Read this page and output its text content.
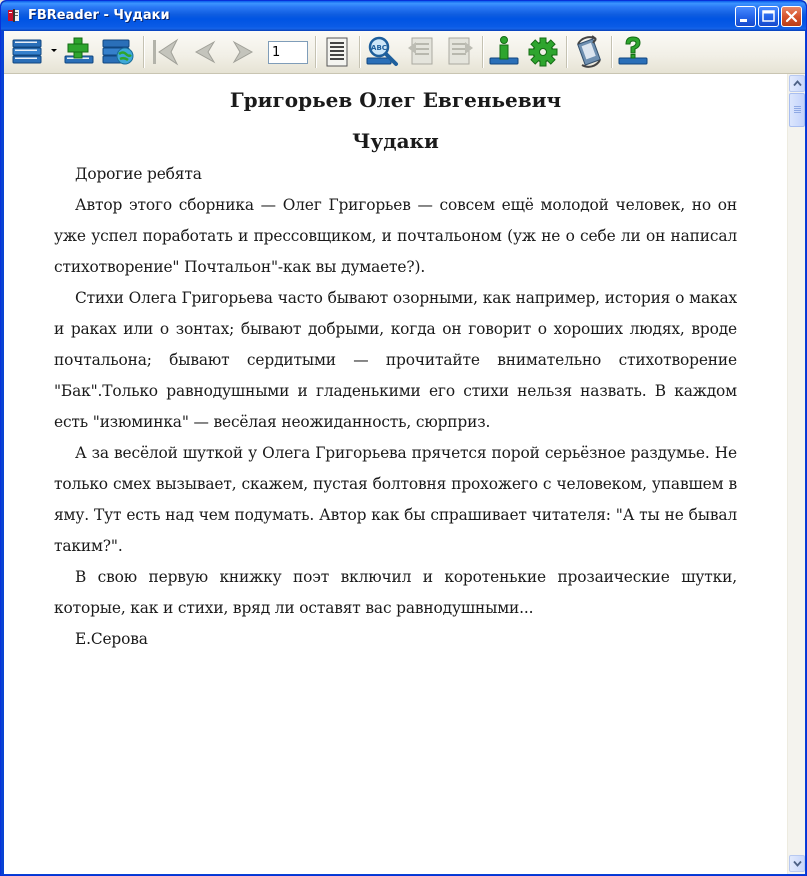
FBReader - Чудаки
1
ABC
Григорьев Олег Евгеньевич
Чудаки

Дорогие ребята

Автор этого сборника — Олег Григорьев — совсем ещё молодой человек, но он уже успел поработать и прессовщиком, и почтальоном (уж не о себе ли он написал стихотворение" Почтальон"-как вы думаете?).

Стихи Олега Григорьева часто бывают озорными, как например, история о маках и раках или о зонтах; бывают добрыми, когда он говорит о хороших людях, вроде почтальона; бывают сердитыми — прочитайте внимательно стихотворение "Бак".Только равнодушными и гладенькими его стихи нельзя назвать. В каждом есть "изюминка" — весёлая неожиданность, сюрприз.

А за весёлой шуткой у Олега Григорьева прячется порой серьёзное раздумье. Не только смех вызывает, скажем, пустая болтовня прохожего с человеком, упавшем в яму. Тут есть над чем подумать. Автор как бы спрашивает читателя: "А ты не бывал таким?".

В свою первую книжку поэт включил и коротенькие прозаические шутки, которые, как и стихи, вряд ли оставят вас равнодушными...

Е.Серова
